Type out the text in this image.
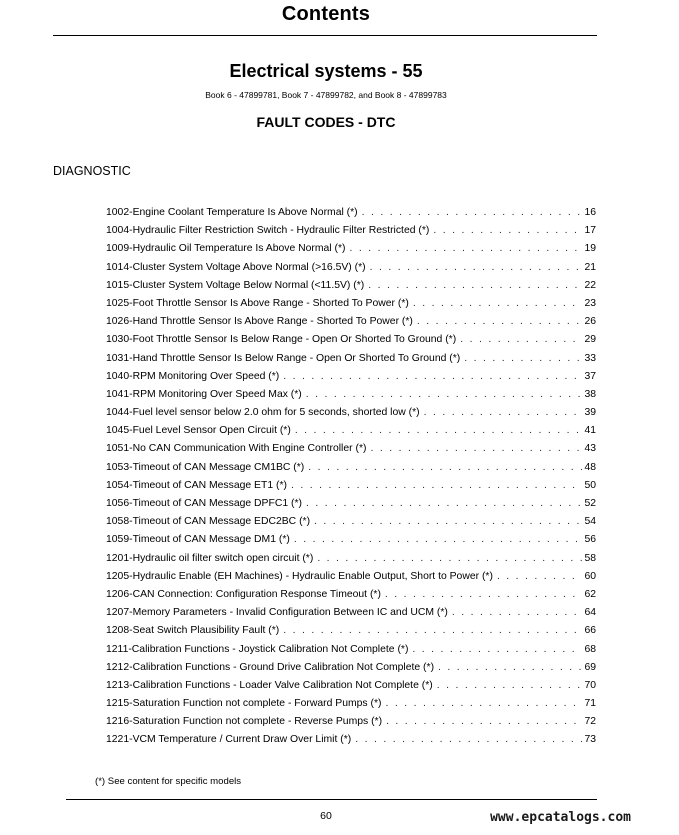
Contents
Electrical systems - 55
Book 6 - 47899781, Book 7 - 47899782, and Book 8 - 47899783
FAULT CODES - DTC
DIAGNOSTIC
1002-Engine Coolant Temperature Is Above Normal (*) . . .	16
1004-Hydraulic Filter Restriction Switch - Hydraulic Filter Restricted (*) . . .	17
1009-Hydraulic Oil Temperature Is Above Normal (*) . . .	19
1014-Cluster System Voltage Above Normal (>16.5V) (*) . . .	21
1015-Cluster System Voltage Below Normal (<11.5V) (*) . . .	22
1025-Foot Throttle Sensor Is Above Range - Shorted To Power (*) . . .	23
1026-Hand Throttle Sensor Is Above Range - Shorted To Power (*) . . .	26
1030-Foot Throttle Sensor Is Below Range - Open Or Shorted To Ground (*) . . .	29
1031-Hand Throttle Sensor Is Below Range - Open Or Shorted To Ground (*) . . .	33
1040-RPM Monitoring Over Speed (*) . . .	37
1041-RPM Monitoring Over Speed Max (*) . . .	38
1044-Fuel level sensor below 2.0 ohm for 5 seconds, shorted low (*) . . .	39
1045-Fuel Level Sensor Open Circuit (*) . . .	41
1051-No CAN Communication With Engine Controller (*) . . .	43
1053-Timeout of CAN Message CM1BC (*) . . .	48
1054-Timeout of CAN Message ET1 (*) . . .	50
1056-Timeout of CAN Message DPFC1 (*) . . .	52
1058-Timeout of CAN Message EDC2BC (*) . . .	54
1059-Timeout of CAN Message DM1 (*) . . .	56
1201-Hydraulic oil filter switch open circuit (*) . . .	58
1205-Hydraulic Enable (EH Machines) - Hydraulic Enable Output, Short to Power (*) . . .	60
1206-CAN Connection: Configuration Response Timeout (*) . . .	62
1207-Memory Parameters - Invalid Configuration Between IC and UCM (*) . . .	64
1208-Seat Switch Plausibility Fault (*) . . .	66
1211-Calibration Functions - Joystick Calibration Not Complete (*) . . .	68
1212-Calibration Functions - Ground Drive Calibration Not Complete (*) . . .	69
1213-Calibration Functions - Loader Valve Calibration Not Complete (*) . . .	70
1215-Saturation Function not complete - Forward Pumps (*) . . .	71
1216-Saturation Function not complete - Reverse Pumps (*) . . .	72
1221-VCM Temperature / Current Draw Over Limit (*) . . .	73
(*) See content for specific models
60	www.epcatalogs.com
